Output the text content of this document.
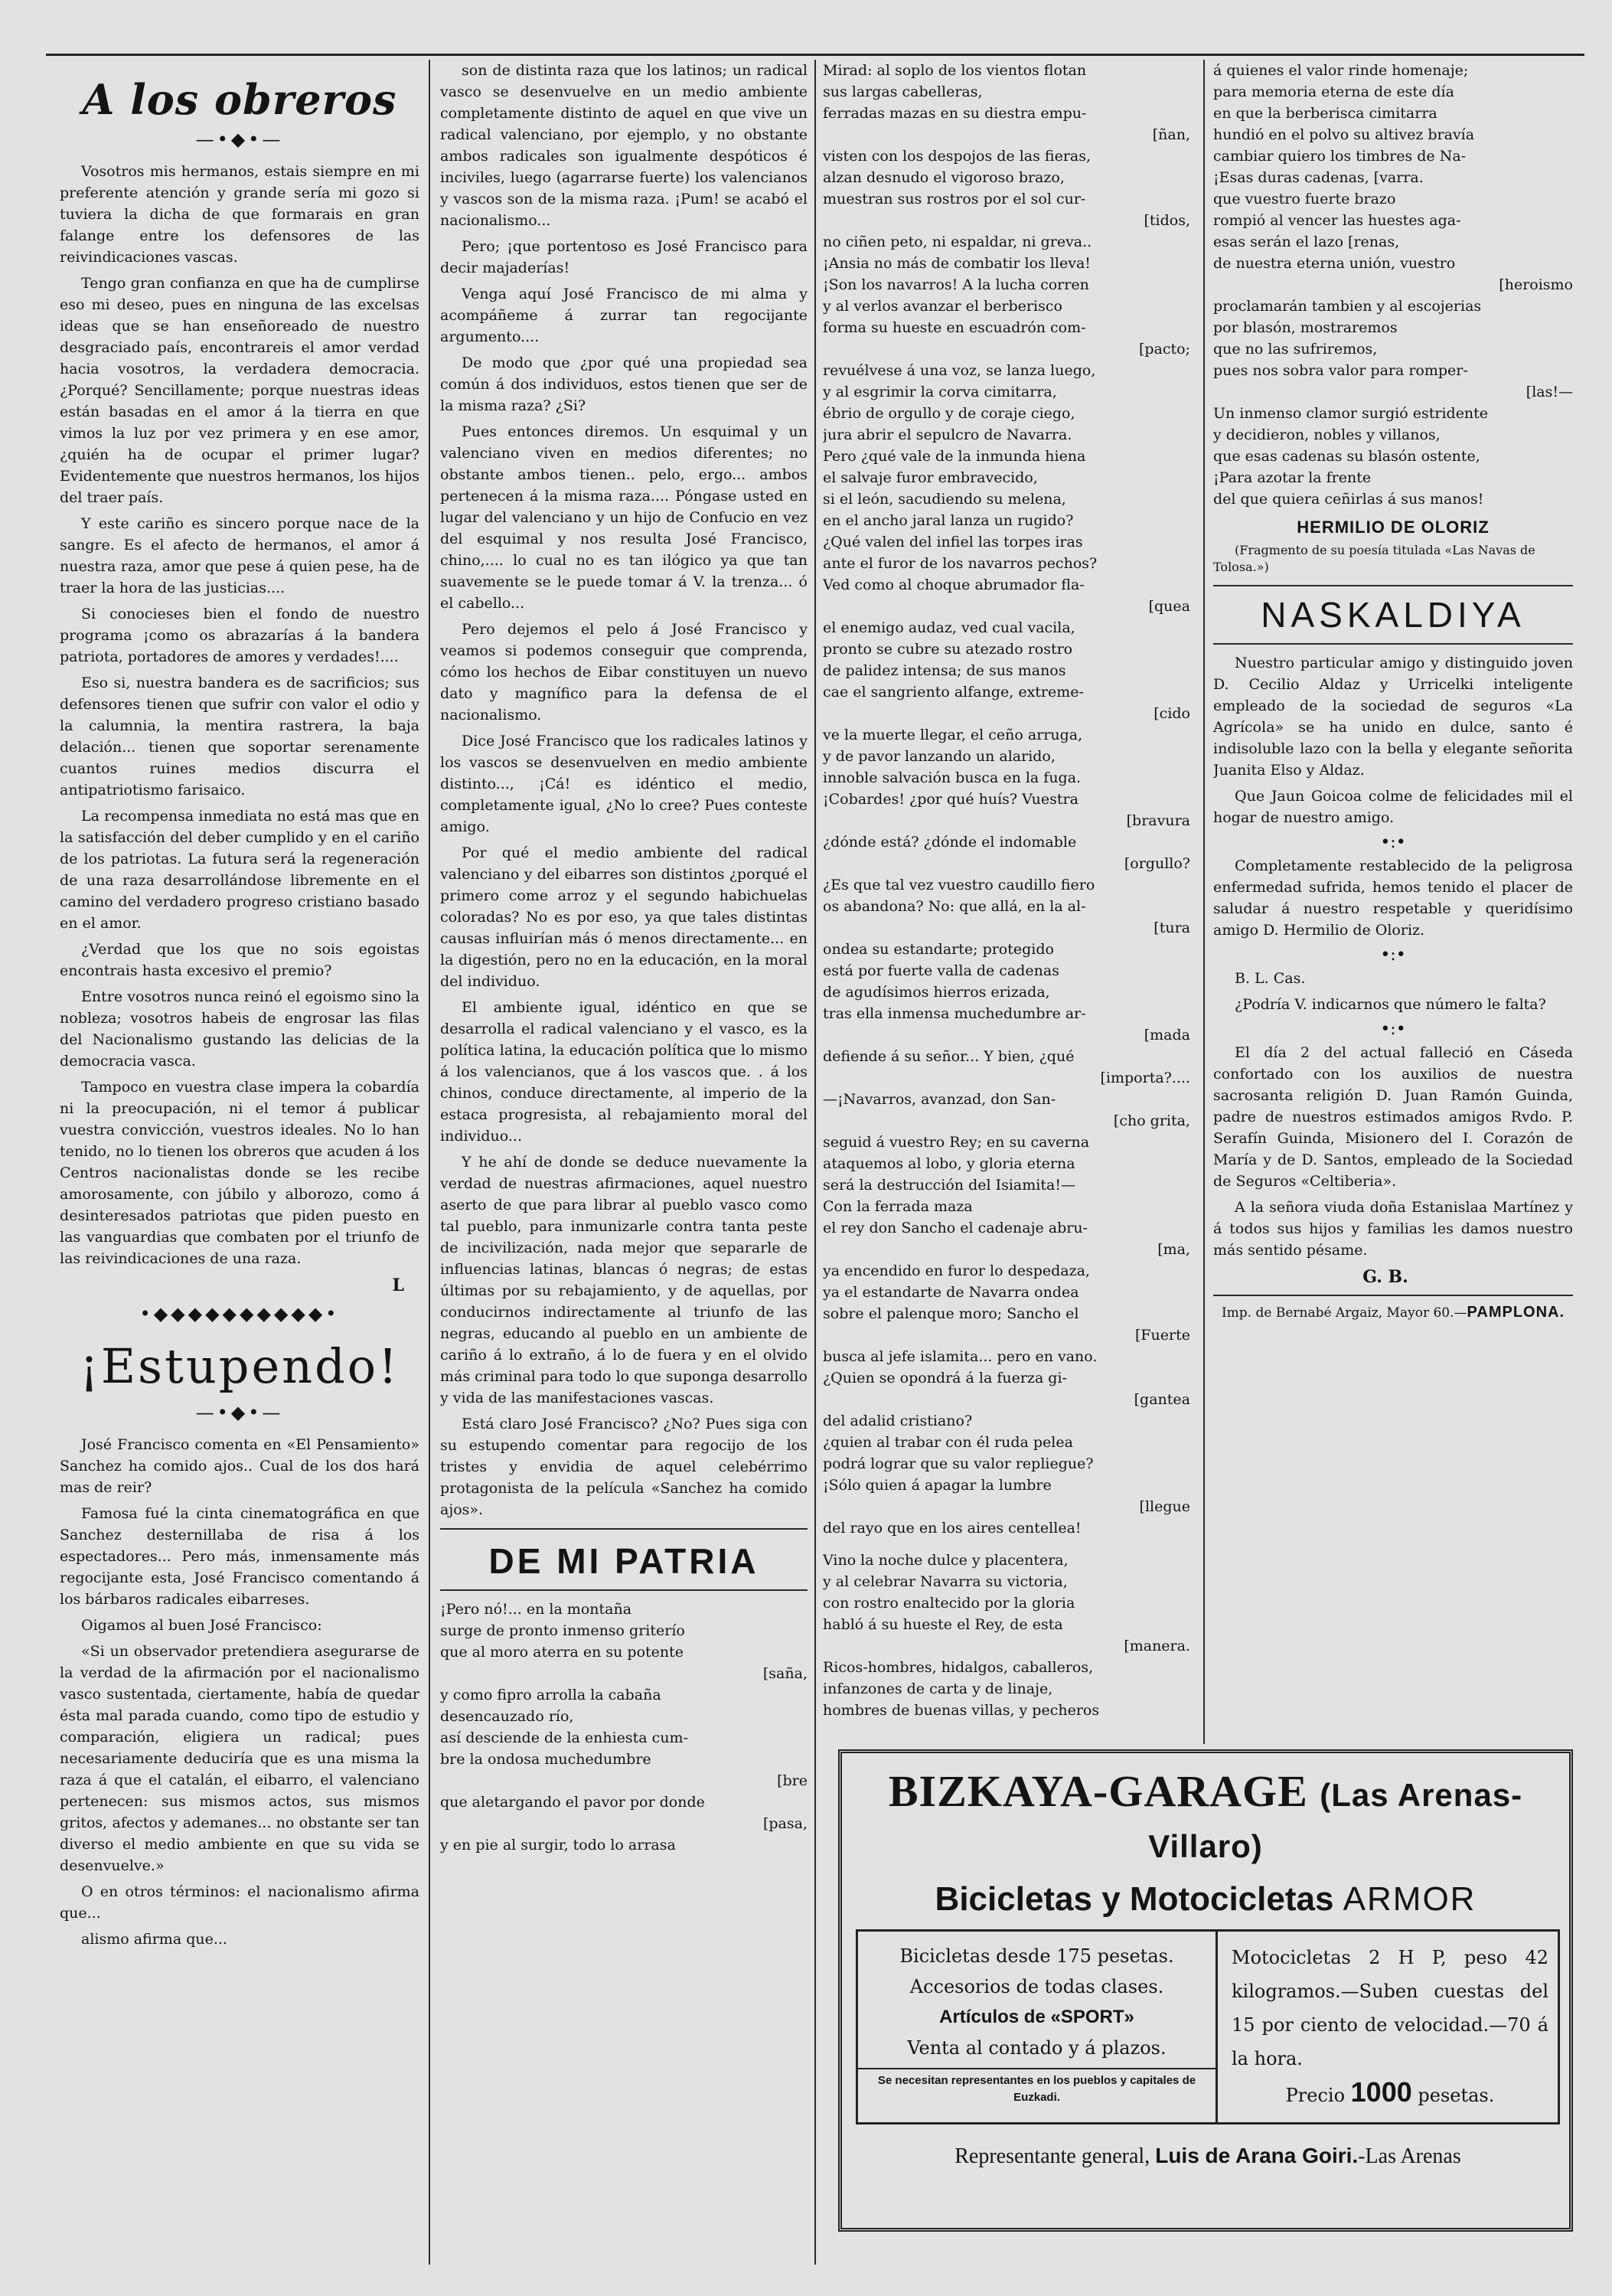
A los obreros
—•◆•—

Vosotros mis hermanos, estais siempre en mi preferente atención y grande sería mi gozo si tuviera la dicha de que formarais en gran falange entre los defensores de las reivindicaciones vascas.

Tengo gran confianza en que ha de cumplirse eso mi deseo, pues en ninguna de las excelsas ideas que se han enseñoreado de nuestro desgraciado país, encontrareis el amor verdad hacia vosotros, la verdadera democracia. ¿Porqué? Sencillamente; porque nuestras ideas están basadas en el amor á la tierra en que vimos la luz por vez primera y en ese amor, ¿quién ha de ocupar el primer lugar? Evidentemente que nuestros hermanos, los hijos del traer país.

Y este cariño es sincero porque nace de la sangre. Es el afecto de hermanos, el amor á nuestra raza, amor que pese á quien pese, ha de traer la hora de las justicias....

Si conocieses bien el fondo de nuestro programa ¡como os abrazarías á la bandera patriota, portadores de amores y verdades!....

Eso si, nuestra bandera es de sacrificios; sus defensores tienen que sufrir con valor el odio y la calumnia, la mentira rastrera, la baja delación... tienen que soportar serenamente cuantos ruines medios discurra el antipatriotismo farisaico.

La recompensa inmediata no está mas que en la satisfacción del deber cumplido y en el cariño de los patriotas. La futura será la regeneración de una raza desarrollándose libremente en el camino del verdadero progreso cristiano basado en el amor.

¿Verdad que los que no sois egoistas encontrais hasta excesivo el premio?

Entre vosotros nunca reinó el egoismo sino la nobleza; vosotros habeis de engrosar las filas del Nacionalismo gustando las delicias de la democracia vasca.

Tampoco en vuestra clase impera la cobardía ni la preocupación, ni el temor á publicar vuestra convicción, vuestros ideales. No lo han tenido, no lo tienen los obreros que acuden á los Centros nacionalistas donde se les recibe amorosamente, con júbilo y alborozo, como á desinteresados patriotas que piden puesto en las vanguardias que combaten por el triunfo de las reivindicaciones de una raza.

L
•◆◆◆◆◆◆◆◆◆◆•
¡Estupendo!
—•◆•—

José Francisco comenta en «El Pensamiento» Sanchez ha comido ajos.. Cual de los dos hará mas de reir?

Famosa fué la cinta cinematográfica en que Sanchez desternillaba de risa á los espectadores... Pero más, inmensamente más regocijante esta, José Francisco comentando á los bárbaros radicales eibarreses.

Oigamos al buen José Francisco:

«Si un observador pretendiera asegurarse de la verdad de la afirmación por el nacionalismo vasco sustentada, ciertamente, había de quedar ésta mal parada cuando, como tipo de estudio y comparación, eligiera un radical; pues necesariamente deduciría que es una misma la raza á que el catalán, el eibarro, el valenciano pertenecen: sus mismos actos, sus mismos gritos, afectos y ademanes... no obstante ser tan diverso el medio ambiente en que su vida se desenvuelve.»

O en otros términos: el nacionalismo afirma que...

alismo afirma que...

son de distinta raza que los latinos; un radical vasco se desenvuelve en un medio ambiente completamente distinto de aquel en que vive un radical valenciano, por ejemplo, y no obstante ambos radicales son igualmente despóticos é inciviles, luego (agarrarse fuerte) los valencianos y vascos son de la misma raza. ¡Pum! se acabó el nacionalismo...

Pero; ¡que portentoso es José Francisco para decir majaderías!

Venga aquí José Francisco de mi alma y acompáñeme á zurrar tan regocijante argumento....

De modo que ¿por qué una propiedad sea común á dos individuos, estos tienen que ser de la misma raza? ¿Si?

Pues entonces diremos. Un esquimal y un valenciano viven en medios diferentes; no obstante ambos tienen.. pelo, ergo... ambos pertenecen á la misma raza.... Póngase usted en lugar del valenciano y un hijo de Confucio en vez del esquimal y nos resulta José Francisco, chino,.... lo cual no es tan ilógico ya que tan suavemente se le puede tomar á V. la trenza... ó el cabello...

Pero dejemos el pelo á José Francisco y veamos si podemos conseguir que comprenda, cómo los hechos de Eibar constituyen un nuevo dato y magnífico para la defensa de el nacionalismo.

Dice José Francisco que los radicales latinos y los vascos se desenvuelven en medio ambiente distinto..., ¡Cá! es idéntico el medio, completamente igual, ¿No lo cree? Pues conteste amigo.

Por qué el medio ambiente del radical valenciano y del eibarres son distintos ¿porqué el primero come arroz y el segundo habichuelas coloradas? No es por eso, ya que tales distintas causas influirían más ó menos directamente... en la digestión, pero no en la educación, en la moral del individuo.

El ambiente igual, idéntico en que se desarrolla el radical valenciano y el vasco, es la política latina, la educación política que lo mismo á los valencianos, que á los vascos que. . á los chinos, conduce directamente, al imperio de la estaca progresista, al rebajamiento moral del individuo...

Y he ahí de donde se deduce nuevamente la verdad de nuestras afirmaciones, aquel nuestro aserto de que para librar al pueblo vasco como tal pueblo, para inmunizarle contra tanta peste de incivilización, nada mejor que separarle de influencias latinas, blancas ó negras; de estas últimas por su rebajamiento, y de aquellas, por conducirnos indirectamente al triunfo de las negras, educando al pueblo en un ambiente de cariño á lo extraño, á lo de fuera y en el olvido más criminal para todo lo que suponga desarrollo y vida de las manifestaciones vascas.

Está claro José Francisco? ¿No? Pues siga con su estupendo comentar para regocijo de los tristes y envidia de aquel celebérrimo protagonista de la película «Sanchez ha comido ajos».

DE MI PATRIA

¡Pero nó!... en la montaña

surge de pronto inmenso griterío

que al moro aterra en su potente

[saña,

y como fipro arrolla la cabaña

desencauzado río,

así desciende de la enhiesta cum-

bre la ondosa muchedumbre

[bre

que aletargando el pavor por donde

[pasa,

y en pie al surgir, todo lo arrasa

Mirad: al soplo de los vientos flotan

sus largas cabelleras,

ferradas mazas en su diestra empu-

[ñan,

visten con los despojos de las fieras,

alzan desnudo el vigoroso brazo,

muestran sus rostros por el sol cur-

[tidos,

no ciñen peto, ni espaldar, ni greva..

¡Ansia no más de combatir los lleva!

¡Son los navarros! A la lucha corren

y al verlos avanzar el berberisco

forma su hueste en escuadrón com-

[pacto;

revuélvese á una voz, se lanza luego,

y al esgrimir la corva cimitarra,

ébrio de orgullo y de coraje ciego,

jura abrir el sepulcro de Navarra.

Pero ¿qué vale de la inmunda hiena

el salvaje furor embravecido,

si el león, sacudiendo su melena,

en el ancho jaral lanza un rugido?

¿Qué valen del infiel las torpes iras

ante el furor de los navarros pechos?

Ved como al choque abrumador fla-

[quea

el enemigo audaz, ved cual vacila,

pronto se cubre su atezado rostro

de palidez intensa; de sus manos

cae el sangriento alfange, extreme-

[cido

ve la muerte llegar, el ceño arruga,

y de pavor lanzando un alarido,

innoble salvación busca en la fuga.

¡Cobardes! ¿por qué huís? Vuestra

[bravura

¿dónde está? ¿dónde el indomable

[orgullo?

¿Es que tal vez vuestro caudillo fiero

os abandona? No: que allá, en la al-

[tura

ondea su estandarte; protegido

está por fuerte valla de cadenas

de agudísimos hierros erizada,

tras ella inmensa muchedumbre ar-

[mada

defiende á su señor... Y bien, ¿qué

[importa?....

—¡Navarros, avanzad, don San-

[cho grita,

seguid á vuestro Rey; en su caverna

ataquemos al lobo, y gloria eterna

será la destrucción del Isiamita!—

Con la ferrada maza

el rey don Sancho el cadenaje abru-

[ma,

ya encendido en furor lo despedaza,

ya el estandarte de Navarra ondea

sobre el palenque moro; Sancho el

[Fuerte

busca al jefe islamita... pero en vano.

¿Quien se opondrá á la fuerza gi-

[gantea

del adalid cristiano?

¿quien al trabar con él ruda pelea

podrá lograr que su valor repliegue?

¡Sólo quien á apagar la lumbre

[llegue

del rayo que en los aires centellea!

Vino la noche dulce y placentera,

y al celebrar Navarra su victoria,

con rostro enaltecido por la gloria

habló á su hueste el Rey, de esta

[manera.

Ricos-hombres, hidalgos, caballeros,

infanzones de carta y de linaje,

hombres de buenas villas, y pecheros

á quienes el valor rinde homenaje;

para memoria eterna de este día

en que la berberisca cimitarra

hundió en el polvo su altivez bravía

cambiar quiero los timbres de Na-

¡Esas duras cadenas, [varra.

que vuestro fuerte brazo

rompió al vencer las huestes aga-

esas serán el lazo [renas,

de nuestra eterna unión, vuestro

[heroismo

proclamarán tambien y al escojerias

por blasón, mostraremos

que no las sufriremos,

pues nos sobra valor para romper-

[las!—

Un inmenso clamor surgió estridente

y decidieron, nobles y villanos,

que esas cadenas su blasón ostente,

¡Para azotar la frente

del que quiera ceñirlas á sus manos!

HERMILIO DE OLORIZ
(Fragmento de su poesía titulada «Las Navas de Tolosa.»)
NASKALDIYA

Nuestro particular amigo y distinguido joven D. Cecilio Aldaz y Urricelki inteligente empleado de la sociedad de seguros «La Agrícola» se ha unido en dulce, santo é indisoluble lazo con la bella y elegante señorita Juanita Elso y Aldaz.

Que Jaun Goicoa colme de felicidades mil el hogar de nuestro amigo.

•:•

Completamente restablecido de la peligrosa enfermedad sufrida, hemos tenido el placer de saludar á nuestro respetable y queridísimo amigo D. Hermilio de Oloriz.

•:•

B. L. Cas.

¿Podría V. indicarnos que número le falta?

•:•

El día 2 del actual falleció en Cáseda confortado con los auxilios de nuestra sacrosanta religión D. Juan Ramón Guinda, padre de nuestros estimados amigos Rvdo. P. Serafín Guinda, Misionero del I. Corazón de María y de D. Santos, empleado de la Sociedad de Seguros «Celtiberia».

A la señora viuda doña Estanislaa Martínez y á todos sus hijos y familias les damos nuestro más sentido pésame.

G. B.
Imp. de Bernabé Argaiz, Mayor 60.—PAMPLONA.
BIZKAYA-GARAGE (Las Arenas-Villaro)
Bicicletas y Motocicletas ARMOR
Bicicletas desde 175 pesetas.
Accesorios de todas clases.
Artículos de «SPORT»
Venta al contado y á plazos.
Se necesitan representantes en los pueblos y capitales de Euzkadi.
Motocicletas 2 H P, peso 42 kilogramos.—Suben cuestas del 15 por ciento de velocidad.—70 á la hora.
Precio 1000 pesetas.
Representante general, Luis de Arana Goiri.-Las Arenas
